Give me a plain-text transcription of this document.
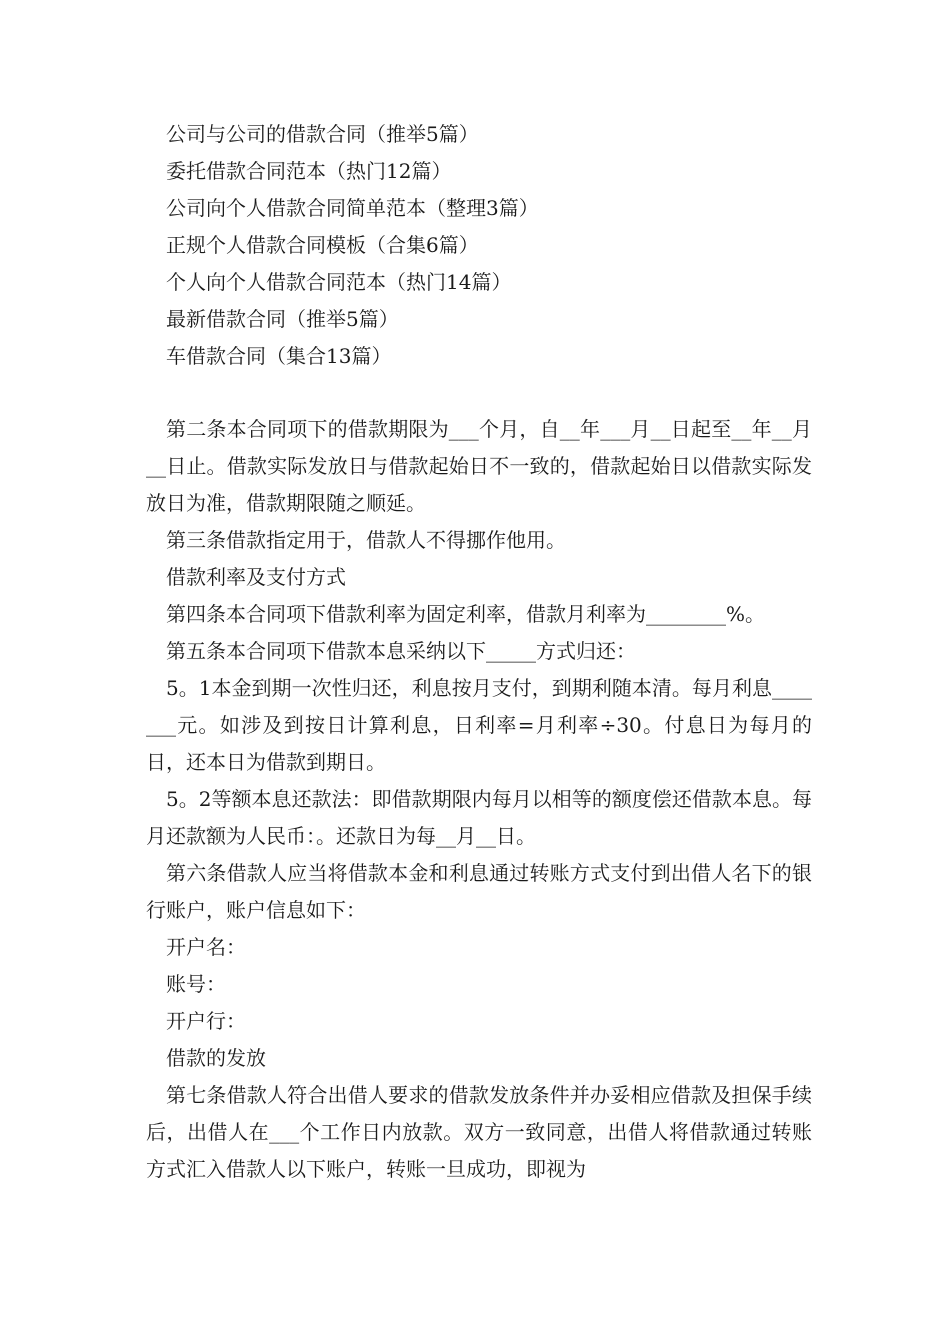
公司与公司的借款合同（推举5篇）
委托借款合同范本（热门12篇）
公司向个人借款合同简单范本（整理3篇）
正规个人借款合同模板（合集6篇）
个人向个人借款合同范本（热门14篇）
最新借款合同（推举5篇）
车借款合同（集合13篇）

第二条本合同项下的借款期限为___个月，自__年___月__日起至__年__月__日止。借款实际发放日与借款起始日不一致的，借款起始日以借款实际发放日为准，借款期限随之顺延。

第三条借款指定用于，借款人不得挪作他用。

借款利率及支付方式

第四条本合同项下借款利率为固定利率，借款月利率为________%。

第五条本合同项下借款本息采纳以下_____方式归还：

5。1本金到期一次性归还，利息按月支付，到期利随本清。每月利息_______元。如涉及到按日计算利息，日利率=月利率÷30。付息日为每月的日，还本日为借款到期日。

5。2等额本息还款法：即借款期限内每月以相等的额度偿还借款本息。每月还款额为人民币：。还款日为每__月__日。

第六条借款人应当将借款本金和利息通过转账方式支付到出借人名下的银行账户，账户信息如下：

开户名：

账号：

开户行：

借款的发放

第七条借款人符合出借人要求的借款发放条件并办妥相应借款及担保手续后，出借人在___个工作日内放款。双方一致同意，出借人将借款通过转账方式汇入借款人以下账户，转账一旦成功，即视为
